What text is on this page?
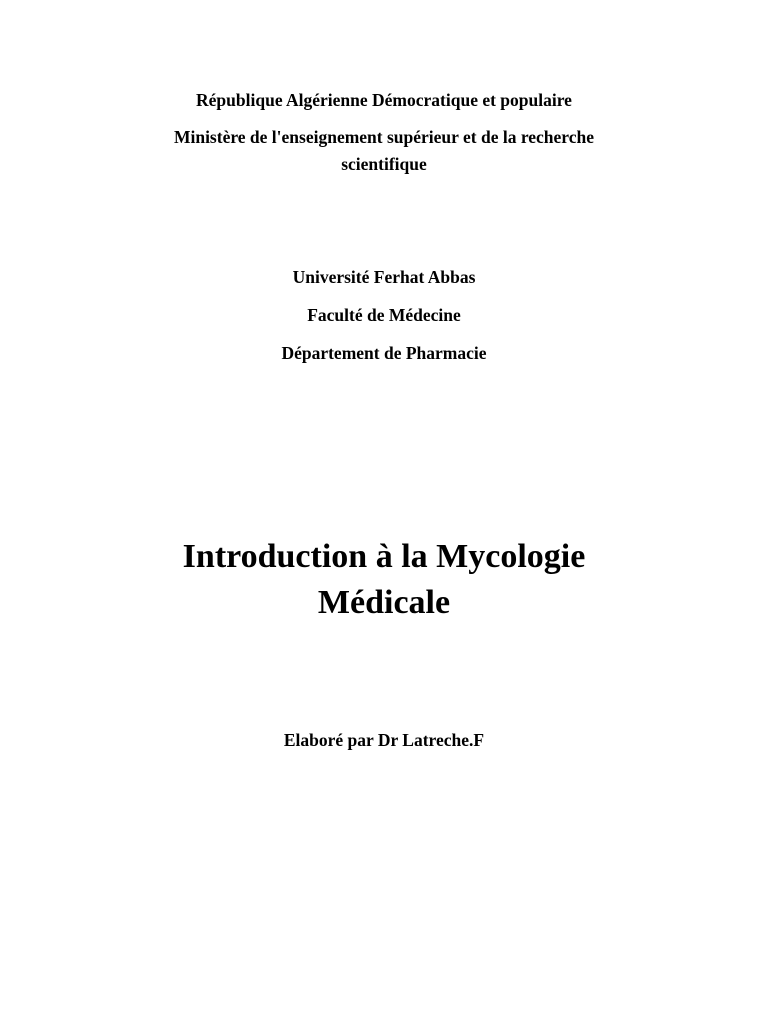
République Algérienne Démocratique et populaire
Ministère de l'enseignement supérieur et de la recherche
scientifique
Université Ferhat Abbas
Faculté de Médecine
Département de Pharmacie
Introduction à la Mycologie
Médicale
Elaboré par Dr Latreche.F
